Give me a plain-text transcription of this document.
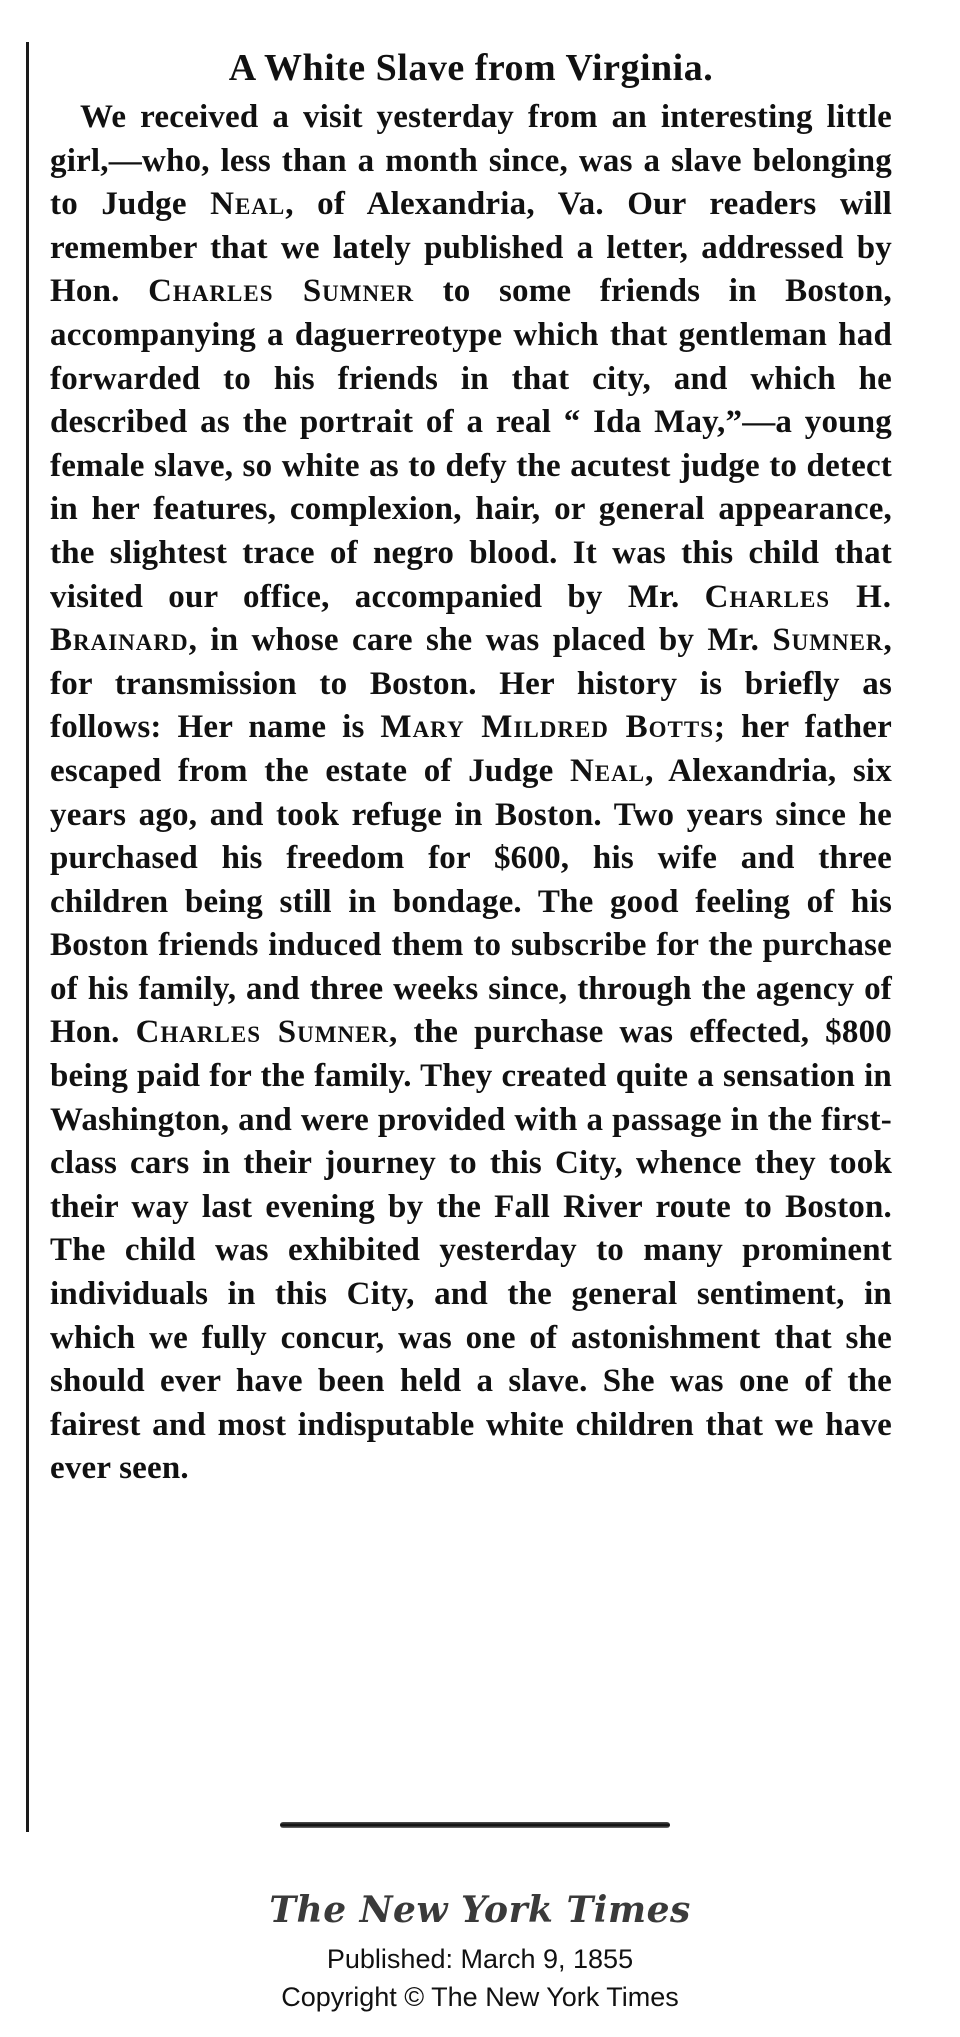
A White Slave from Virginia.

We received a visit yesterday from an interesting little girl,—who, less than a month since, was a slave belonging to Judge Neal, of Alexandria, Va. Our readers will remember that we lately published a letter, addressed by Hon. Charles Sumner to some friends in Boston, accompanying a daguerreotype which that gentleman had forwarded to his friends in that city, and which he described as the portrait of a real “ Ida May,”—a young female slave, so white as to defy the acutest judge to detect in her features, complexion, hair, or general appearance, the slightest trace of negro blood. It was this child that visited our office, accompanied by Mr. Charles H. Brainard, in whose care she was placed by Mr. Sumner, for transmission to Boston. Her history is briefly as follows: Her name is Mary Mildred Botts; her father escaped from the estate of Judge Neal, Alexandria, six years ago, and took refuge in Boston. Two years since he purchased his freedom for $600, his wife and three children being still in bondage. The good feeling of his Boston friends induced them to subscribe for the purchase of his family, and three weeks since, through the agency of Hon. Charles Sumner, the purchase was effected, $800 being paid for the family. They created quite a sensation in Washington, and were provided with a passage in the first-class cars in their journey to this City, whence they took their way last evening by the Fall River route to Boston. The child was exhibited yesterday to many prominent individuals in this City, and the general sentiment, in which we fully concur, was one of astonishment that she should ever have been held a slave. She was one of the fairest and most indisputable white children that we have ever seen.

The New York Times
Published: March 9, 1855
Copyright © The New York Times
